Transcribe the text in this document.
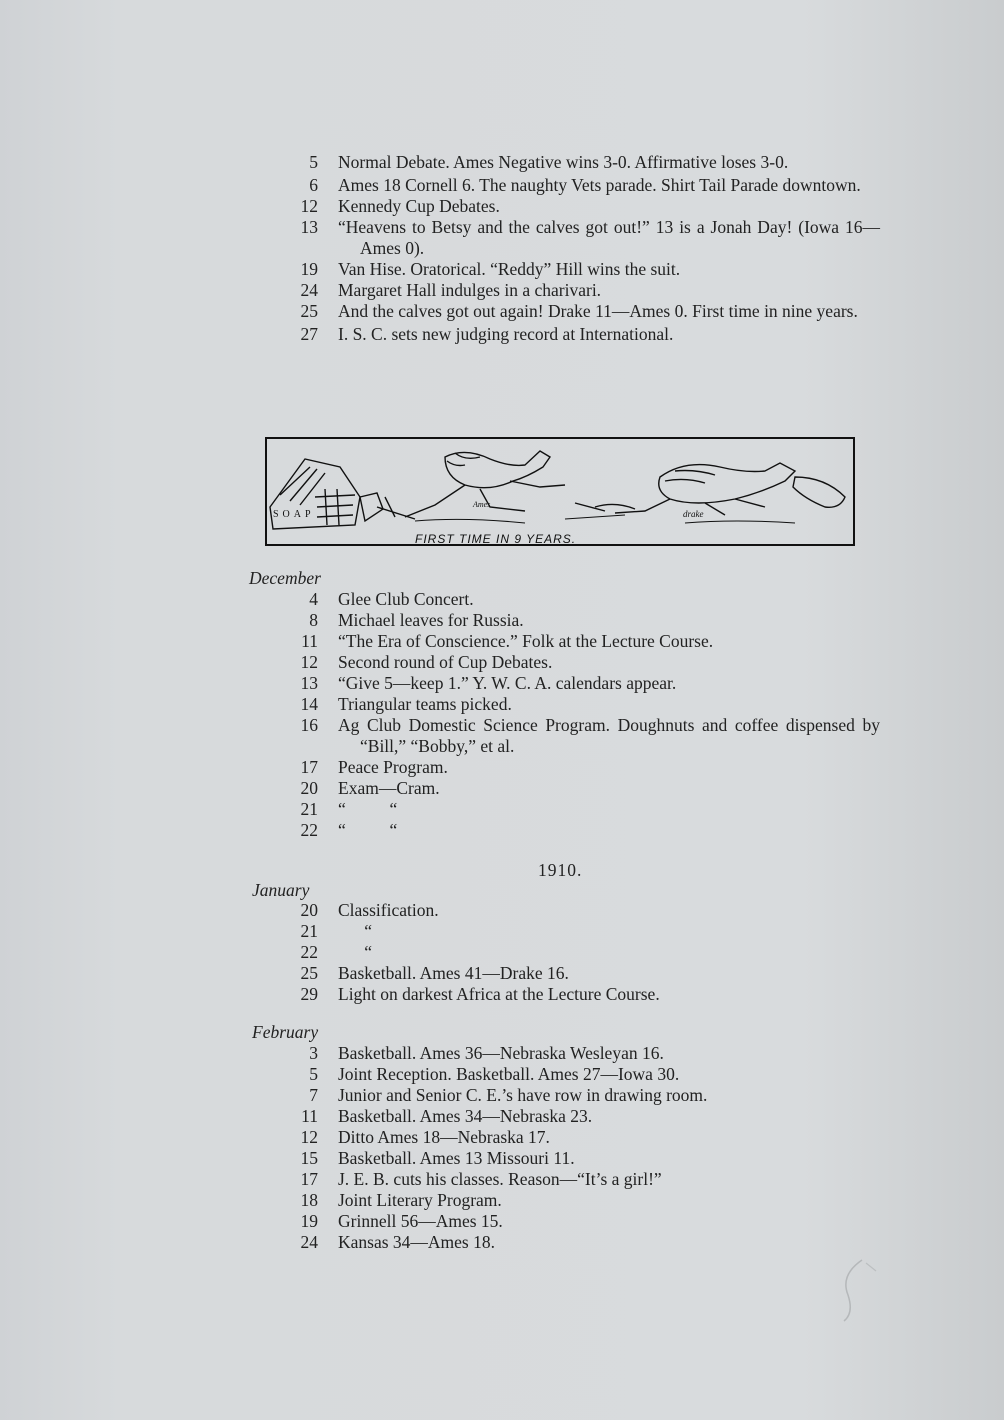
5 Normal Debate. Ames Negative wins 3-0. Affirmative loses 3-0.
6 Ames 18 Cornell 6. The naughty Vets parade. Shirt Tail Parade downtown.
12 Kennedy Cup Debates.
13 “Heavens to Betsy and the calves got out!” 13 is a Jonah Day! (Iowa 16—Ames 0).
19 Van Hise. Oratorical. “Reddy” Hill wins the suit.
24 Margaret Hall indulges in a charivari.
25 And the calves got out again! Drake 11—Ames 0. First time in nine years.
27 I. S. C. sets new judging record at International.
SOAP
Ames
drake
FIRST TIME IN 9 YEARS.
December
4 Glee Club Concert.
8 Michael leaves for Russia.
11 “The Era of Conscience.” Folk at the Lecture Course.
12 Second round of Cup Debates.
13 “Give 5—keep 1.” Y. W. C. A. calendars appear.
14 Triangular teams picked.
16 Ag Club Domestic Science Program. Doughnuts and coffee dispensed by “Bill,” “Bobby,” et al.
17 Peace Program.
20 Exam—Cram.
21 “          “
22 “          “
1910.
January
20 Classification.
21 “
22 “
25 Basketball. Ames 41—Drake 16.
29 Light on darkest Africa at the Lecture Course.
February
3 Basketball. Ames 36—Nebraska Wesleyan 16.
5 Joint Reception. Basketball. Ames 27—Iowa 30.
7 Junior and Senior C. E.’s have row in drawing room.
11 Basketball. Ames 34—Nebraska 23.
12 Ditto Ames 18—Nebraska 17.
15 Basketball. Ames 13 Missouri 11.
17 J. E. B. cuts his classes. Reason—“It’s a girl!”
18 Joint Literary Program.
19 Grinnell 56—Ames 15.
24 Kansas 34—Ames 18.
